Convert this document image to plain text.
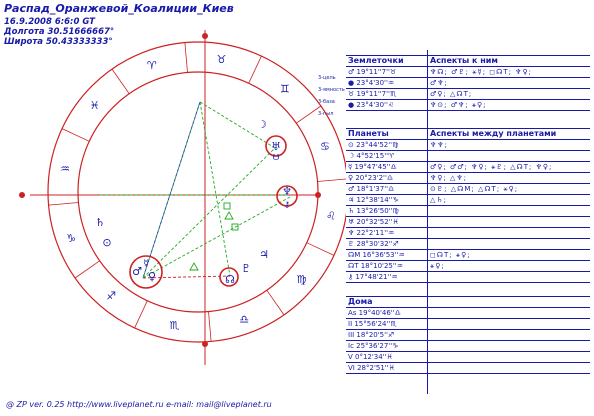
Распад_Оранжевой_Коалиции_Киев
16.9.2008 6:6:0 GT
Долгота 30.51666667°
Широта 50.43333333°
3-цель
3-ямность
3-база
3-пыл
♉
♈
♓
♒
♑
♐
♏	♎
♍
♌
♋
♊
☽
♅
♆
⚷
♃
♇
☊
☋
♄
⊙
♂ ♀
☿
Землеточки	Аспекты к ним
♂ 19°11''7''♉	♆☊; ♂♇; ⚹☿; ◻☊T; ♆♀;
● 23°4'30''♒	♂♆;
♉ 19°11''7''♏	♂♀; △☊T;
● 23°4'30''♌	♆⊙; ♂♆; ⚹♀;
Планеты	Аспекты между планетами
⊙ 23°44'52''♍	♆♆;
☽ 4°52'15''♈
☿ 19°47'45''♎	♂♀; ♂♂; ♆♀; ⚹♇; △☊T; ♆♀;
♀ 20°23'2''♎	♆♀; △♆;
♂ 18°1'37''♎	⊙♇; △☊M; △☊T; ⚹♀;
♃ 12°38'14''♑	△♄;
♄ 13°26'50''♍
♅ 20°32'52''♓
♆ 22°2'11''♒
♇ 28°30'32''♐
☊M 16°36'53''♒	◻☊T; ⚹♀;
☊T 18°10'25''♒	⚹♀;
⚷ 17°48'21''♒
Дома
As 19°40'46''♎
II 15°56'24''♏
III 18°20'5''♐
Ic 25°36'27''♑
V 0°12'34''♓
VI 28°2'51''♓
@ ZP ver. 0.25 http://www.liveplanet.ru e-mail: mail@liveplanet.ru
